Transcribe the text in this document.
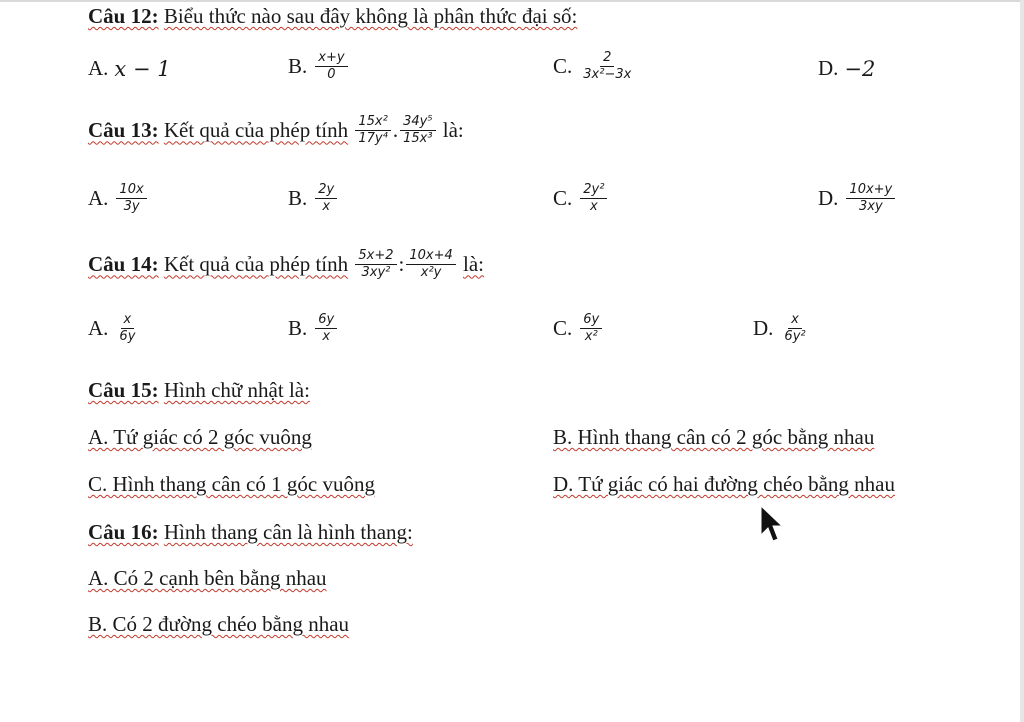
Câu 12: Biểu thức nào sau đây không là phân thức đại số:
A. x − 1	B. $\frac{x+y}{0}$	C. $\frac{2}{\text{3x²−3x}}$	D. −2
Câu 13:
Kết quả của phép tính
$\frac{\text{15x²}}{\text{17y⁴}}$ . $\frac{\text{34y⁵}}{\text{15x³}}$
là:
A. $\frac{10x}{3y}$	B. $\frac{2y}{x}$	C. $\frac{\text{2y²}}{x}$	D. $\frac{10x+y}{3xy}$
Câu 14:
Kết quả của phép tính
$\frac{5x+2}{\text{3xy²}}$ : $\frac{10x+4}{\text{x²y}}$
là:
A. $\frac{x}{6y}$	B. $\frac{6y}{x}$	C. $\frac{6y}{\text{x²}}$	D. $\frac{x}{\text{6y²}}$
Câu 15: Hình chữ nhật là:
A. Tứ giác có 2 góc vuông	B. Hình thang cân có 2 góc bằng nhau
C. Hình thang cân có 1 góc vuông	D. Tứ giác có hai đường chéo bằng nhau
Câu 16: Hình thang cân là hình thang:
A. Có 2 cạnh bên bằng nhau
B. Có 2 đường chéo bằng nhau
